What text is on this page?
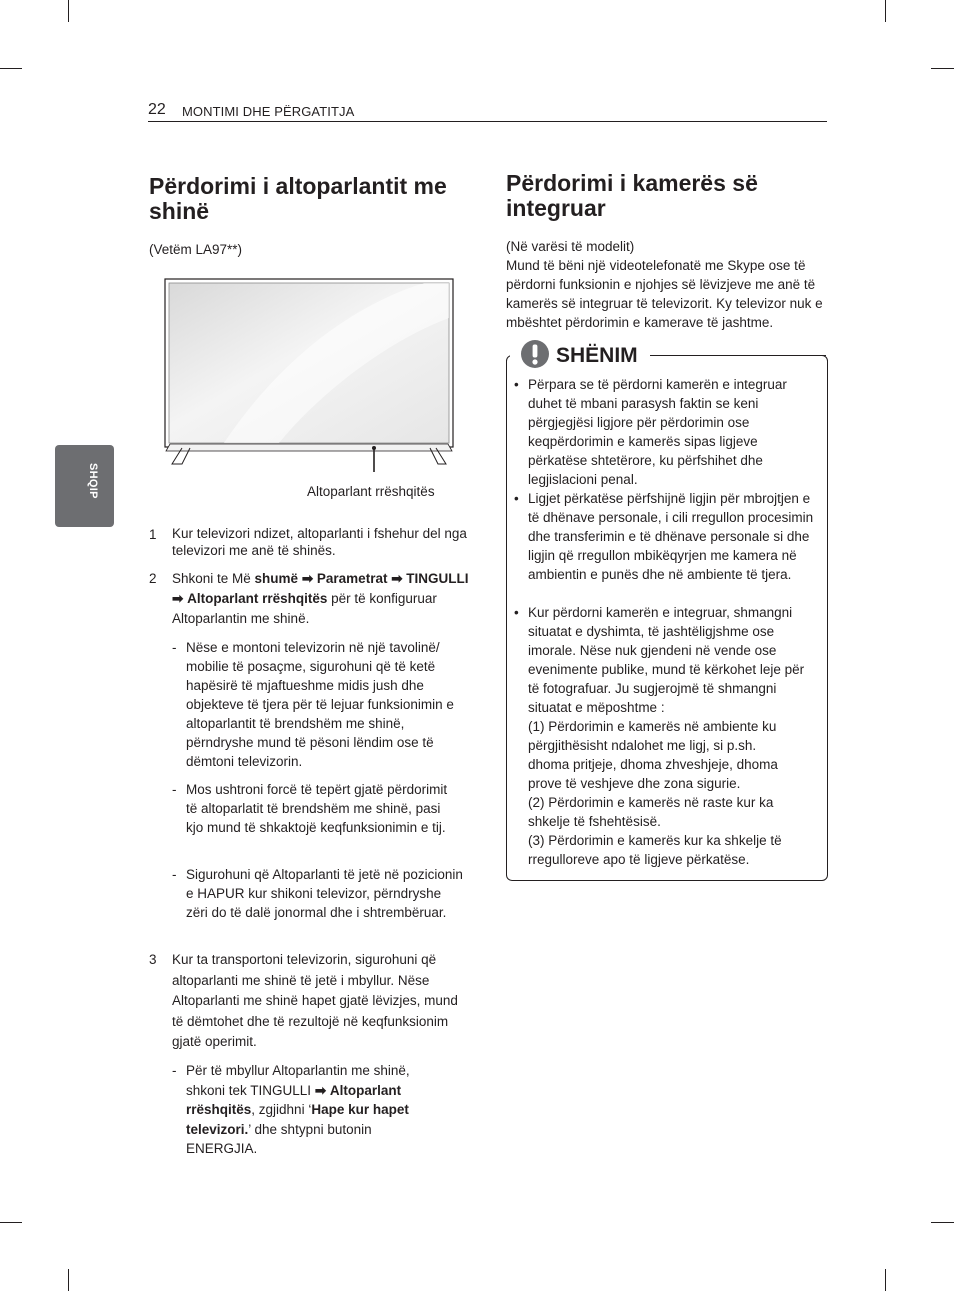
22 MONTIMI DHE PËRGATITJA
SHQIP
Përdorimi i altoparlantit me shinë
(Vetëm LA97**)
Altoparlant rrëshqitës
1 Kur televizori ndizet, altoparlanti i fshehur del nga televizori me anë të shinës.
2 Shkoni te Më shumë ➡ Parametrat ➡ TINGULLI ➡ Altoparlant rrëshqitës për të konfiguruar Altoparlantin me shinë.
- Nëse e montoni televizorin në një tavolinë/ mobilie të posaçme, sigurohuni që të ketë hapësirë të mjaftueshme midis jush dhe objekteve të tjera për të lejuar funksionimin e altoparlantit të brendshëm me shinë, përndryshe mund të pësoni lëndim ose të dëmtoni televizorin.
- Mos ushtroni forcë të tepërt gjatë përdorimit të altoparlatit të brendshëm me shinë, pasi kjo mund të shkaktojë keqfunksionimin e tij.
- Sigurohuni që Altoparlanti të jetë në pozicionin e HAPUR kur shikoni televizor, përndryshe zëri do të dalë jonormal dhe i shtrembëruar.
3 Kur ta transportoni televizorin, sigurohuni që altoparlanti me shinë të jetë i mbyllur. Nëse Altoparlanti me shinë hapet gjatë lëvizjes, mund të dëmtohet dhe të rezultojë në keqfunksionim gjatë operimit.
- Për të mbyllur Altoparlantin me shinë, shkoni tek TINGULLI ➡ Altoparlant rrëshqitës, zgjidhni ‘Hape kur hapet televizori.’ dhe shtypni butonin ENERGJIA.
Përdorimi i kamerës së integruar
(Në varësi të modelit)
Mund të bëni një videotelefonatë me Skype ose të përdorni funksionin e njohjes së lëvizjeve me anë të kamerës së integruar të televizorit. Ky televizor nuk e mbështet përdorimin e kamerave të jashtme.
SHËNIM
• Përpara se të përdorni kamerën e integruar duhet të mbani parasysh faktin se keni përgjegjësi ligjore për përdorimin ose keqpërdorimin e kamerës sipas ligjeve përkatëse shtetërore, ku përfshihet dhe legjislacioni penal.
• Ligjet përkatëse përfshijnë ligjin për mbrojtjen e të dhënave personale, i cili rregullon procesimin dhe transferimin e të dhënave personale si dhe ligjin që rregullon mbikëqyrjen me kamera në ambientin e punës dhe në ambiente të tjera.
• Kur përdorni kamerën e integruar, shmangni situatat e dyshimta, të jashtëligjshme ose imorale. Nëse nuk gjendeni në vende ose evenimente publike, mund të kërkohet leje për të fotografuar. Ju sugjerojmë të shmangni situatat e mëposhtme :
(1) Përdorimin e kamerës në ambiente ku përgjithësisht ndalohet me ligj, si p.sh. dhoma pritjeje, dhoma zhveshjeje, dhoma prove të veshjeve dhe zona sigurie.
(2) Përdorimin e kamerës në raste kur ka shkelje të fshehtësisë.
(3) Përdorimin e kamerës kur ka shkelje të rregulloreve apo të ligjeve përkatëse.
